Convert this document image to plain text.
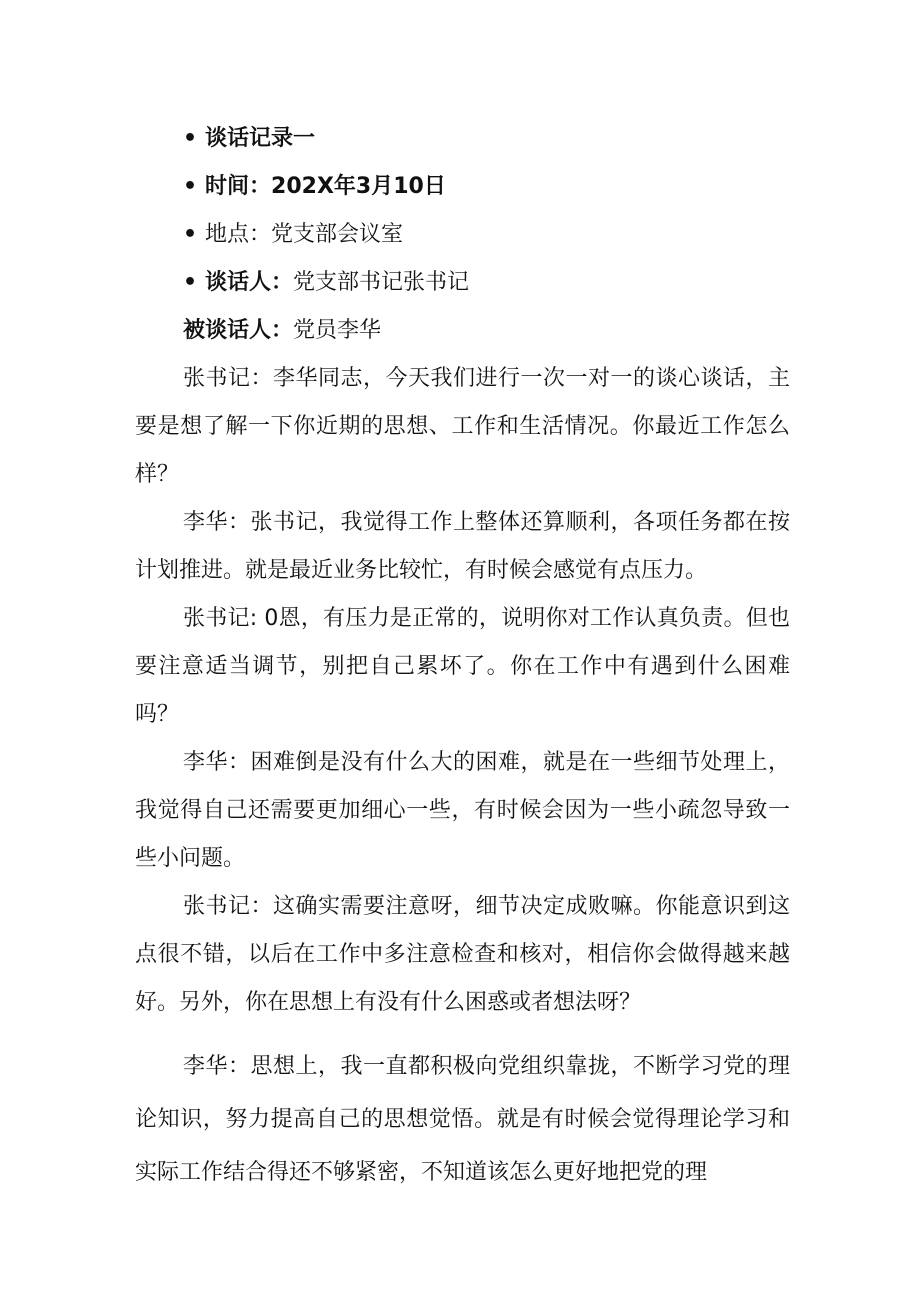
• 谈话记录一
• 时间：202X年3月10日
• 地点：党支部会议室
• 谈话人：党支部书记张书记
被谈话人：党员李华

张书记：李华同志，今天我们进行一次一对一的谈心谈话，主要是想了解一下你近期的思想、工作和生活情况。你最近工作怎么样？

李华：张书记，我觉得工作上整体还算顺利，各项任务都在按计划推进。就是最近业务比较忙，有时候会感觉有点压力。

张书记: 0恩，有压力是正常的，说明你对工作认真负责。但也要注意适当调节，别把自己累坏了。你在工作中有遇到什么困难吗？

李华：困难倒是没有什么大的困难，就是在一些细节处理上，我觉得自己还需要更加细心一些，有时候会因为一些小疏忽导致一些小问题。

张书记：这确实需要注意呀，细节决定成败嘛。你能意识到这点很不错，以后在工作中多注意检查和核对，相信你会做得越来越好。另外，你在思想上有没有什么困惑或者想法呀？

李华：思想上，我一直都积极向党组织靠拢，不断学习党的理论知识，努力提高自己的思想觉悟。就是有时候会觉得理论学习和实际工作结合得还不够紧密，不知道该怎么更好地把党的理
